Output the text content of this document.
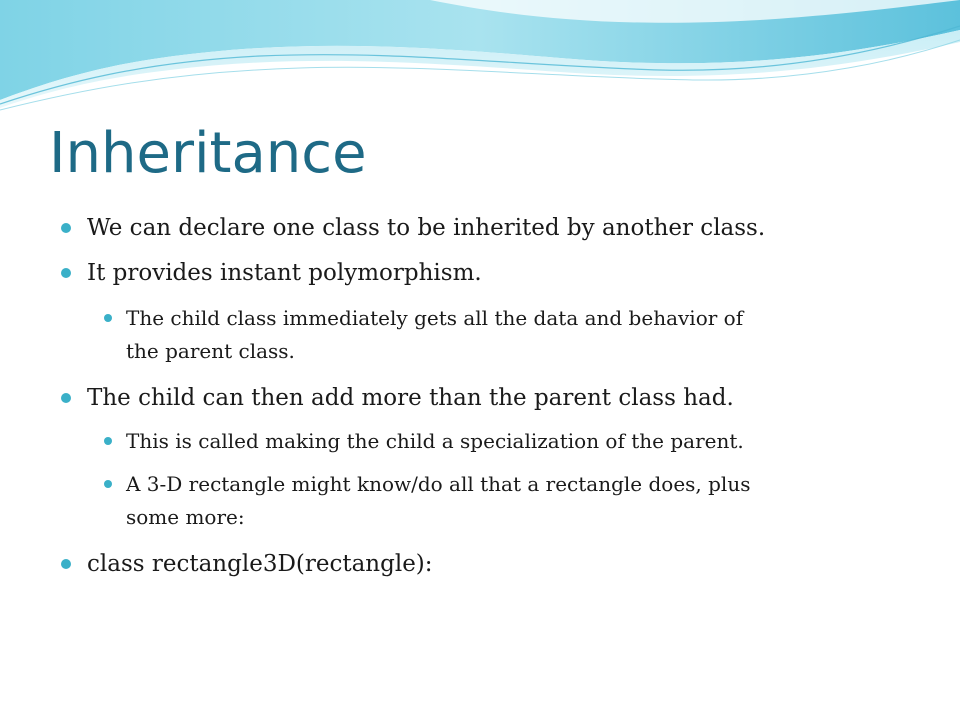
Inheritance
We can declare one class to be inherited by another class.
It provides instant polymorphism.
The child class immediately gets all the data and behavior of
the parent class.
The child can then add more than the parent class had.
This is called making the child a specialization of the parent.
A 3-D rectangle might know/do all that a rectangle does, plus
some more:
class rectangle3D(rectangle):
